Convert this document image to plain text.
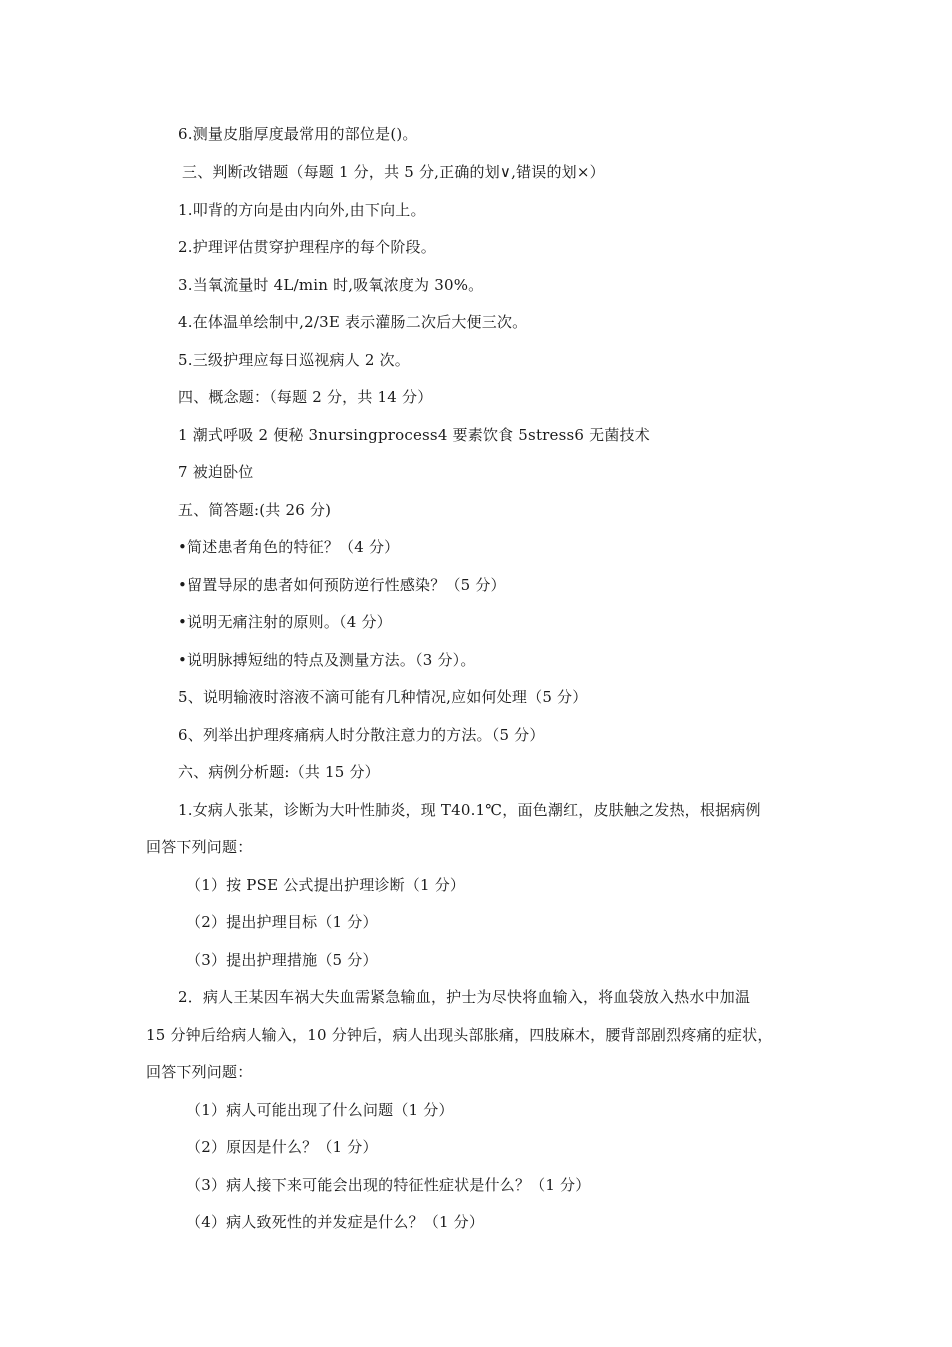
6.测量皮脂厚度最常用的部位是()。
三、判断改错题（每题 1 分，共 5 分,正确的划∨,错误的划×）
1.叩背的方向是由内向外,由下向上。
2.护理评估贯穿护理程序的每个阶段。
3.当氧流量时 4L/min 时,吸氧浓度为 30%。
4.在体温单绘制中,2/3E 表示灌肠二次后大便三次。
5.三级护理应每日巡视病人 2 次。
四、概念题：（每题 2 分，共 14 分）
1 潮式呼吸 2 便秘 3nursingprocess4 要素饮食 5stress6 无菌技术
7 被迫卧位
五、简答题:(共 26 分)
•简述患者角色的特征？（4 分）
•留置导尿的患者如何预防逆行性感染？（5 分）
•说明无痛注射的原则。（4 分）
•说明脉搏短绌的特点及测量方法。（3 分）。
5、说明输液时溶液不滴可能有几种情况,应如何处理（5 分）
6、列举出护理疼痛病人时分散注意力的方法。（5 分）
六、病例分析题:（共 15 分）
1.女病人张某，诊断为大叶性肺炎，现 T40.1℃，面色潮红，皮肤触之发热，根据病例
回答下列问题：
（1）按 PSE 公式提出护理诊断（1 分）
（2）提出护理目标（1 分）
（3）提出护理措施（5 分）
2．病人王某因车祸大失血需紧急输血，护士为尽快将血输入，将血袋放入热水中加温
15 分钟后给病人输入，10 分钟后，病人出现头部胀痛，四肢麻木，腰背部剧烈疼痛的症状，
回答下列问题：
（1）病人可能出现了什么问题（1 分）
（2）原因是什么？（1 分）
（3）病人接下来可能会出现的特征性症状是什么？（1 分）
（4）病人致死性的并发症是什么？（1 分）
